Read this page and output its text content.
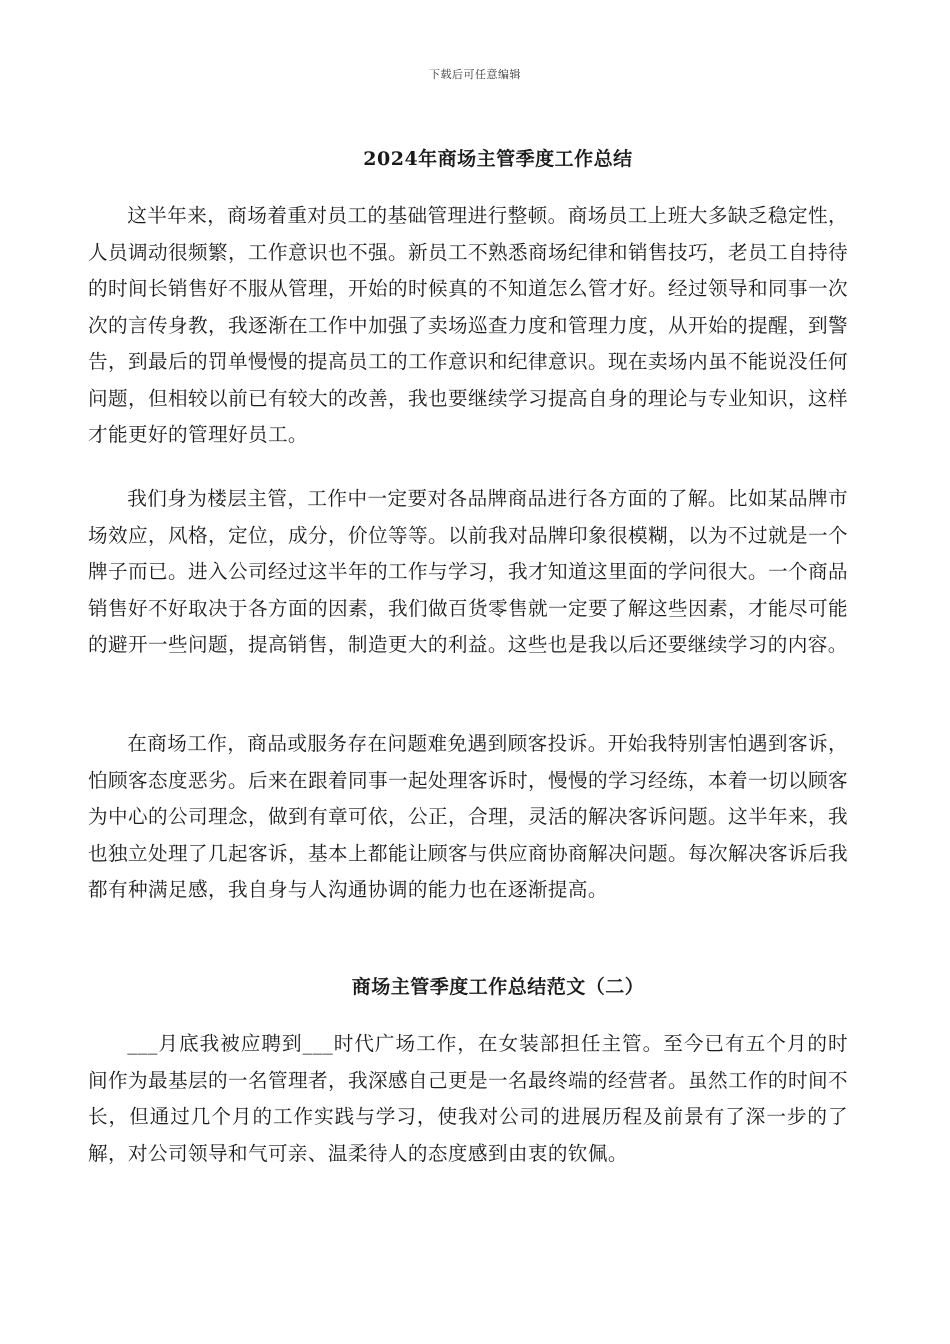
下载后可任意编辑
2024年商场主管季度工作总结

这半年来，商场着重对员工的基础管理进行整顿。商场员工上班大多缺乏稳定性，人员调动很频繁，工作意识也不强。新员工不熟悉商场纪律和销售技巧，老员工自持待的时间长销售好不服从管理，开始的时候真的不知道怎么管才好。经过领导和同事一次次的言传身教，我逐渐在工作中加强了卖场巡查力度和管理力度，从开始的提醒，到警告，到最后的罚单慢慢的提高员工的工作意识和纪律意识。现在卖场内虽不能说没任何问题，但相较以前已有较大的改善，我也要继续学习提高自身的理论与专业知识，这样才能更好的管理好员工。

我们身为楼层主管，工作中一定要对各品牌商品进行各方面的了解。比如某品牌市场效应，风格，定位，成分，价位等等。以前我对品牌印象很模糊，以为不过就是一个牌子而已。进入公司经过这半年的工作与学习，我才知道这里面的学问很大。一个商品销售好不好取决于各方面的因素，我们做百货零售就一定要了解这些因素，才能尽可能的避开一些问题，提高销售，制造更大的利益。这些也是我以后还要继续学习的内容。

在商场工作，商品或服务存在问题难免遇到顾客投诉。开始我特别害怕遇到客诉，怕顾客态度恶劣。后来在跟着同事一起处理客诉时，慢慢的学习经练，本着一切以顾客为中心的公司理念，做到有章可依，公正，合理，灵活的解决客诉问题。这半年来，我也独立处理了几起客诉，基本上都能让顾客与供应商协商解决问题。每次解决客诉后我都有种满足感，我自身与人沟通协调的能力也在逐渐提高。

商场主管季度工作总结范文（二）

___月底我被应聘到___时代广场工作，在女装部担任主管。至今已有五个月的时间作为最基层的一名管理者，我深感自己更是一名最终端的经营者。虽然工作的时间不长，但通过几个月的工作实践与学习，使我对公司的进展历程及前景有了深一步的了解，对公司领导和气可亲、温柔待人的态度感到由衷的钦佩。
